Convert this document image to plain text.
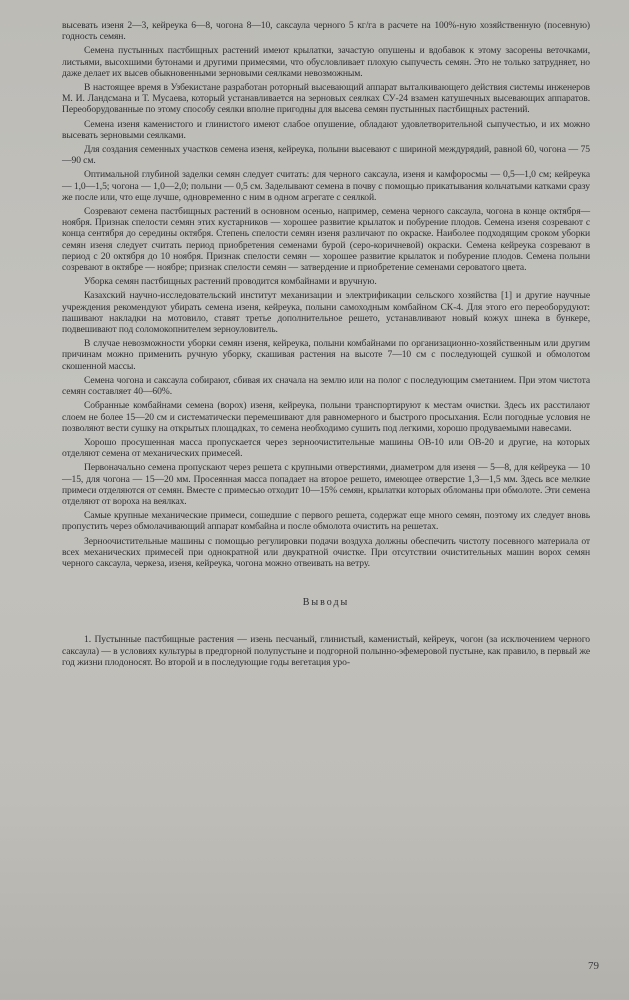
высевать изеня 2—3, кейреука 6—8, чогона 8—10, саксаула черного 5 кг/га в расчете на 100%-ную хозяйственную (посевную) годность семян.

Семена пустынных пастбищных растений имеют крылатки, зачастую опушены и вдобавок к этому засорены веточками, листьями, высохшими бутонами и другими примесями, что обусловливает плохую сыпучесть семян. Это не только затрудняет, но даже делает их высев обыкновенными зерновыми сеялками невозможным.

В настоящее время в Узбекистане разработан роторный высевающий аппарат выталкивающего действия системы инженеров М. И. Ландсмана и Т. Мусаева, который устанавливается на зерновых сеялках СУ-24 взамен катушечных высевающих аппаратов. Переоборудованные по этому способу сеялки вполне пригодны для высева семян пустынных пастбищных растений.

Семена изеня каменистого и глинистого имеют слабое опушение, обладают удовлетворительной сыпучестью, и их можно высевать зерновыми сеялками.

Для создания семенных участков семена изеня, кейреука, полыни высевают с шириной междурядий, равной 60, чогона — 75—90 см.

Оптимальной глубиной заделки семян следует считать: для черного саксаула, изеня и камфоросмы — 0,5—1,0 см; кейреука — 1,0—1,5; чогона — 1,0—2,0; полыни — 0,5 см. Заделывают семена в почву с помощью прикатывания кольчатыми катками сразу же после или, что еще лучше, одновременно с ним в одном агрегате с сеялкой.

Созревают семена пастбищных растений в основном осенью, например, семена черного саксаула, чогона в конце октября—ноября. Признак спелости семян этих кустарников — хорошее развитие крылаток и побурение плодов. Семена изеня созревают с конца сентября до середины октября. Степень спелости семян изеня различают по окраске. Наиболее подходящим сроком уборки семян изеня следует считать период приобретения семенами бурой (серо-коричневой) окраски. Семена кейреука созревают в период с 20 октября до 10 ноября. Признак спелости семян — хорошее развитие крылаток и побурение плодов. Семена полыни созревают в октябре — ноябре; признак спелости семян — затвердение и приобретение семенами сероватого цвета.

Уборка семян пастбищных растений проводится комбайнами и вручную.

Казахский научно-исследовательский институт механизации и электрификации сельского хозяйства [1] и другие научные учреждения рекомендуют убирать семена изеня, кейреука, полыни самоходным комбайном СК-4. Для этого его переоборудуют: пашивают накладки на мотовило, ставят третье дополнительное решето, устанавливают новый кожух шнека в бункере, подвешивают под соломокопнителем зерноуловитель.

В случае невозможности уборки семян изеня, кейреука, полыни комбайнами по организационно-хозяйственным или другим причинам можно применить ручную уборку, скашивая растения на высоте 7—10 см с последующей сушкой и обмолотом скошенной массы.

Семена чогона и саксаула собирают, сбивая их сначала на землю или на полог с последующим сметанием. При этом чистота семян составляет 40—60%.

Собранные комбайнами семена (ворох) изеня, кейреука, полыни транспортируют к местам очистки. Здесь их расстилают слоем не более 15—20 см и систематически перемешивают для равномерного и быстрого просыхания. Если погодные условия не позволяют вести сушку на открытых площадках, то семена необходимо сушить под легкими, хорошо продуваемыми навесами.

Хорошо просушенная масса пропускается через зерноочистительные машины ОВ-10 или ОВ-20 и другие, на которых отделяют семена от механических примесей.

Первоначально семена пропускают через решета с крупными отверстиями, диаметром для изеня — 5—8, для кейреука — 10—15, для чогона — 15—20 мм. Просеянная масса попадает на второе решето, имеющее отверстие 1,3—1,5 мм. Здесь все мелкие примеси отделяются от семян. Вместе с примесью отходит 10—15% семян, крылатки которых обломаны при обмолоте. Эти семена отделяют от вороха на веялках.

Самые крупные механические примеси, сошедшие с первого решета, содержат еще много семян, поэтому их следует вновь пропустить через обмолачивающий аппарат комбайна и после обмолота очистить на решетах.

Зерноочистительные машины с помощью регулировки подачи воздуха должны обеспечить чистоту посевного материала от всех механических примесей при однократной или двукратной очистке. При отсутствии очистительных машин ворох семян черного саксаула, черкеза, изеня, кейреука, чогона можно отвеивать на ветру.

Выводы

1. Пустынные пастбищные растения — изень песчаный, глинистый, каменистый, кейреук, чогон (за исключением черного саксаула) — в условиях культуры в предгорной полупустыне и подгорной полынно-эфемеровой пустыне, как правило, в первый же год жизни плодоносят. Во второй и в последующие годы вегетация уро-

79
